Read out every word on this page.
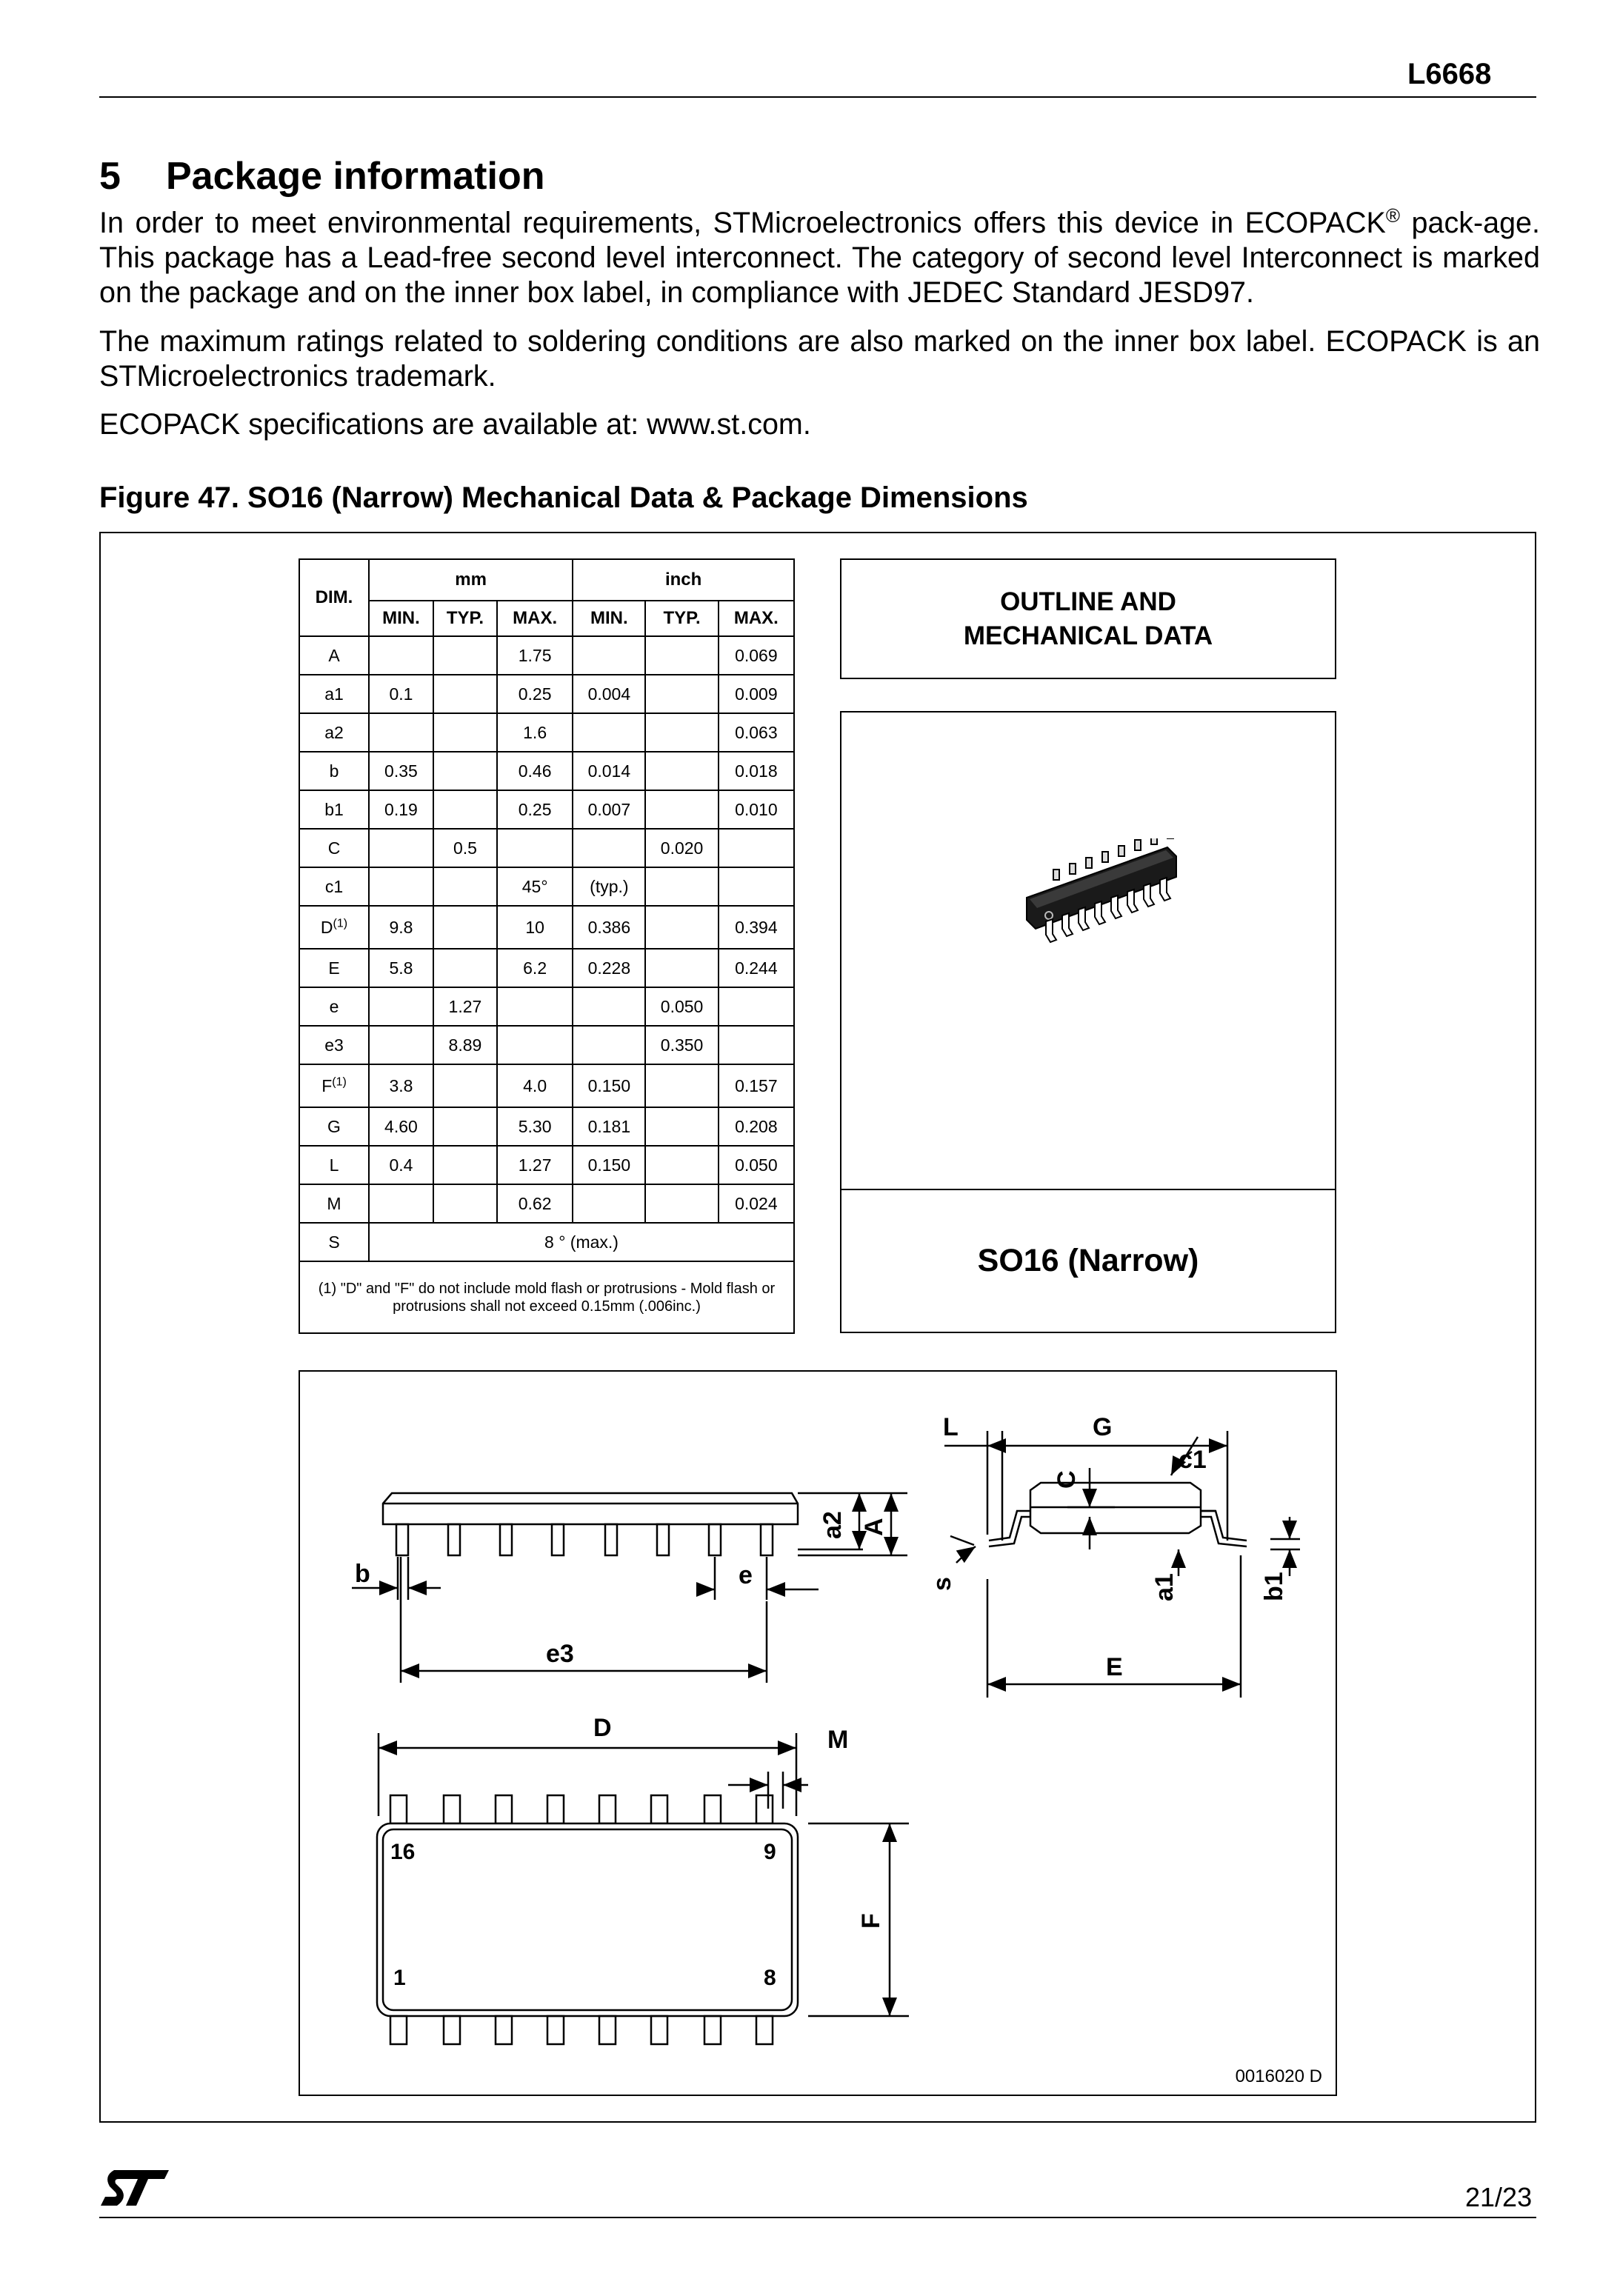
L6668
5 Package information
In order to meet environmental requirements, STMicroelectronics offers this device in ECOPACK® pack-age. This package has a Lead-free second level interconnect. The category of second level Interconnect is marked on the package and on the inner box label, in compliance with JEDEC Standard JESD97.
The maximum ratings related to soldering conditions are also marked on the inner box label. ECOPACK is an STMicroelectronics trademark.
ECOPACK specifications are available at: www.st.com.
Figure 47. SO16 (Narrow) Mechanical Data & Package Dimensions
DIM.	mm			inch		
	MIN.	TYP.	MAX.	MIN.	TYP.	MAX.
A			1.75			0.069
a1	0.1		0.25	0.004		0.009
a2			1.6			0.063
b	0.35		0.46	0.014		0.018
b1	0.19		0.25	0.007		0.010
C		0.5			0.020	
c1			45°	(typ.)		
$D^{(1)}$	9.8		10	0.386		0.394
E	5.8		6.2	0.228		0.244
e		1.27			0.050	
e3		8.89			0.350	
$F^{(1)}$	3.8		4.0	0.150		0.157
G	4.60		5.30	0.181		0.208
L	0.4		1.27	0.150		0.050
M			0.62			0.024
S	8 ° (max.)					
(1) "D" and "F" do not include mold flash or protrusions - Mold flash or protrusions shall not exceed 0.15mm (.006inc.)						
OUTLINE AND
MECHANICAL DATA
SO16 (Narrow)
L	G
c1
C
a2 A
b	e
e3
s	a1	b1
E
D	M
F
16	9
1	8
0016020 D
21/23
